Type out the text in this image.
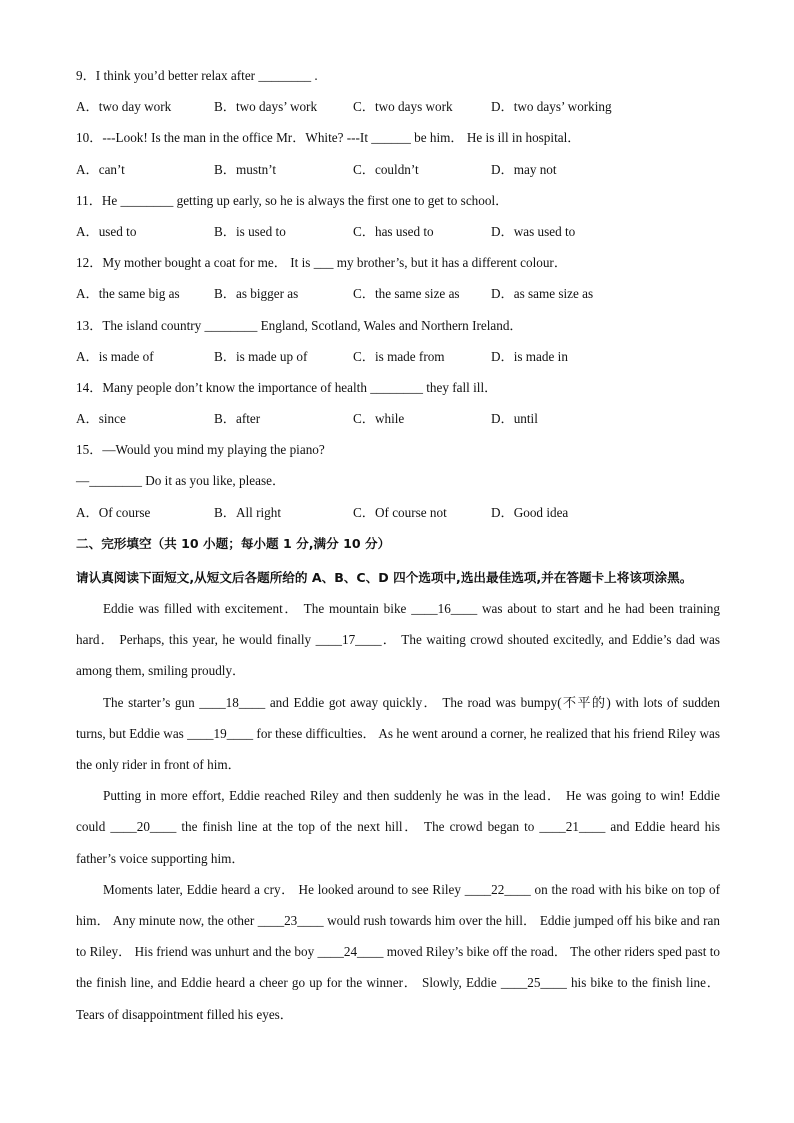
9．I think you’d better relax after ________ .
A．two day work	B．two days’ work	C．two days work	D．two days’ working
10．---Look! Is the man in the office Mr．White? ---It ______ be him． He is ill in hospital．
A．can’t	B．mustn’t	C．couldn’t	D．may not
11．He ________ getting up early, so he is always the first one to get to school．
A．used to	B．is used to	C．has used to	D．was used to
12．My mother bought a coat for me． It is ___ my brother’s, but it has a different colour．
A．the same big as	B．as bigger as	C．the same size as	D．as same size as
13．The island country ________ England, Scotland, Wales and Northern Ireland．
A．is made of	B．is made up of	C．is made from	D．is made in
14．Many people don’t know the importance of health ________ they fall ill．
A．since	B．after	C．while	D．until
15．—Would you mind my playing the piano?
—________ Do it as you like, please．
A．Of course	B．All right	C．Of course not	D．Good idea
二、完形填空（共 10 小题；每小题 1 分,满分 10 分）
请认真阅读下面短文,从短文后各题所给的 A、B、C、D 四个选项中,选出最佳选项,并在答题卡上将该项涂黑。

Eddie was filled with excitement． The mountain bike ____16____ was about to start and he had been training hard． Perhaps, this year, he would finally ____17____． The waiting crowd shouted excitedly, and Eddie’s dad was among them, smiling proudly．

The starter’s gun ____18____ and Eddie got away quickly． The road was bumpy(不平的) with lots of sudden turns, but Eddie was ____19____ for these difficulties． As he went around a corner, he realized that his friend Riley was the only rider in front of him．

Putting in more effort, Eddie reached Riley and then suddenly he was in the lead． He was going to win! Eddie could ____20____ the finish line at the top of the next hill． The crowd began to ____21____ and Eddie heard his father’s voice supporting him．

Moments later, Eddie heard a cry． He looked around to see Riley ____22____ on the road with his bike on top of him． Any minute now, the other ____23____ would rush towards him over the hill． Eddie jumped off his bike and ran to Riley． His friend was unhurt and the boy ____24____ moved Riley’s bike off the road． The other riders sped past to the finish line, and Eddie heard a cheer go up for the winner． Slowly, Eddie ____25____ his bike to the finish line． Tears of disappointment filled his eyes．
